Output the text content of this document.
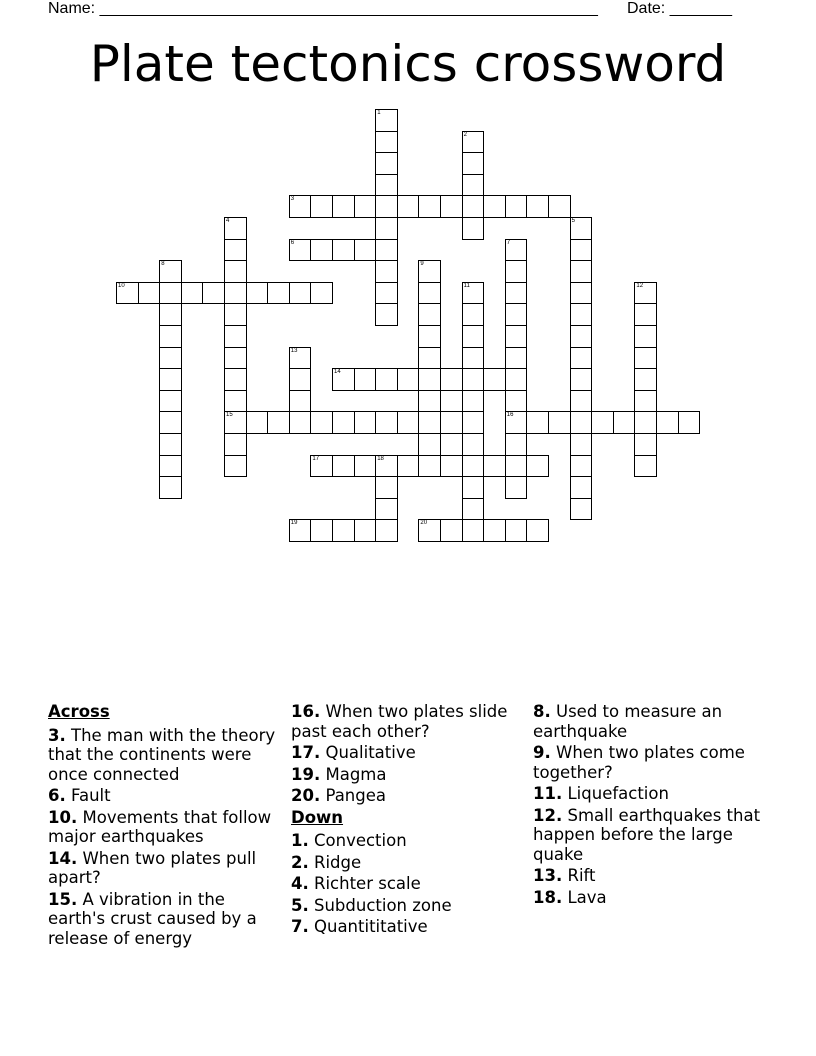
Name: ________________________________________________________ Date: _______
Plate tectonics crossword
1
2
3
4
15
5
6	7
16
8	9
10	11	12
13
14
17	18
19	20
Across
3. The man with the theory that the continents were once connected
6. Fault
10. Movements that follow major earthquakes
14. When two plates pull apart?
15. A vibration in the earth's crust caused by a release of energy
16. When two plates slide past each other?
17. Qualitative
19. Magma
20. Pangea
Down
1. Convection
2. Ridge
4. Richter scale
5. Subduction zone
7. Quantititative
8. Used to measure an earthquake
9. When two plates come together?
11. Liquefaction
12. Small earthquakes that happen before the large quake
13. Rift
18. Lava
